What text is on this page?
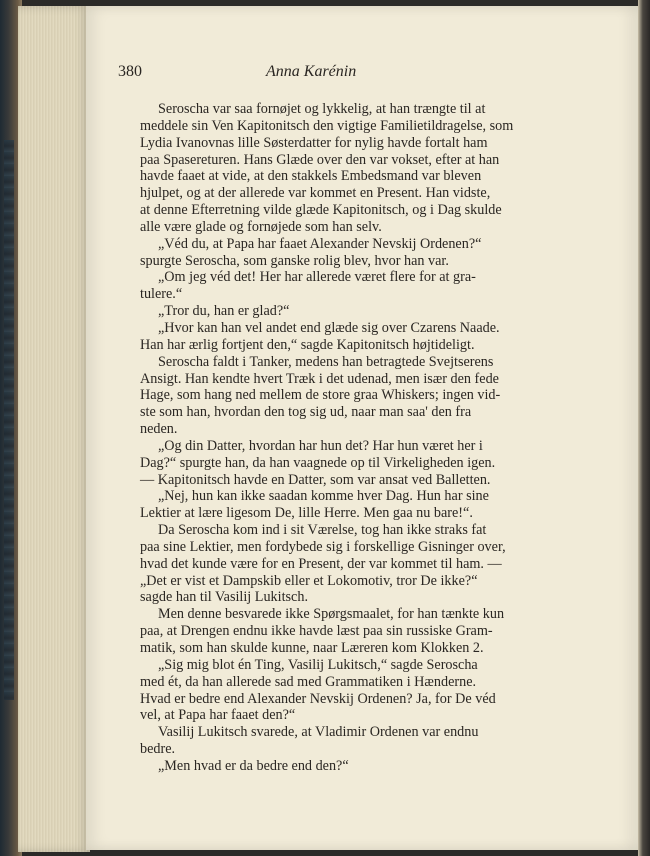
380	Anna Karénin

Seroscha var saa fornøjet og lykkelig, at han trængte til at

meddele sin Ven Kapitonitsch den vigtige Familietildragelse, som

Lydia Ivanovnas lille Søsterdatter for nylig havde fortalt ham

paa Spasereturen. Hans Glæde over den var vokset, efter at han

havde faaet at vide, at den stakkels Embedsmand var bleven

hjulpet, og at der allerede var kommet en Present. Han vidste,

at denne Efterretning vilde glæde Kapitonitsch, og i Dag skulde

alle være glade og fornøjede som han selv.

„Véd du, at Papa har faaet Alexander Nevskij Ordenen?“

spurgte Seroscha, som ganske rolig blev, hvor han var.

„Om jeg véd det! Her har allerede været flere for at gra-

tulere.“

„Tror du, han er glad?“

„Hvor kan han vel andet end glæde sig over Czarens Naade.

Han har ærlig fortjent den,“ sagde Kapitonitsch højtideligt.

Seroscha faldt i Tanker, medens han betragtede Svejtserens

Ansigt. Han kendte hvert Træk i det udenad, men især den fede

Hage, som hang ned mellem de store graa Whiskers; ingen vid-

ste som han, hvordan den tog sig ud, naar man saa' den fra

neden.

„Og din Datter, hvordan har hun det? Har hun været her i

Dag?“ spurgte han, da han vaagnede op til Virkeligheden igen.

— Kapitonitsch havde en Datter, som var ansat ved Balletten.

„Nej, hun kan ikke saadan komme hver Dag. Hun har sine

Lektier at lære ligesom De, lille Herre. Men gaa nu bare!“.

Da Seroscha kom ind i sit Værelse, tog han ikke straks fat

paa sine Lektier, men fordybede sig i forskellige Gisninger over,

hvad det kunde være for en Present, der var kommet til ham. —

„Det er vist et Dampskib eller et Lokomotiv, tror De ikke?“

sagde han til Vasilij Lukitsch.

Men denne besvarede ikke Spørgsmaalet, for han tænkte kun

paa, at Drengen endnu ikke havde læst paa sin russiske Gram-

matik, som han skulde kunne, naar Læreren kom Klokken 2.

„Sig mig blot én Ting, Vasilij Lukitsch,“ sagde Seroscha

med ét, da han allerede sad med Grammatiken i Hænderne.

Hvad er bedre end Alexander Nevskij Ordenen? Ja, for De véd

vel, at Papa har faaet den?“

Vasilij Lukitsch svarede, at Vladimir Ordenen var endnu

bedre.

„Men hvad er da bedre end den?“
